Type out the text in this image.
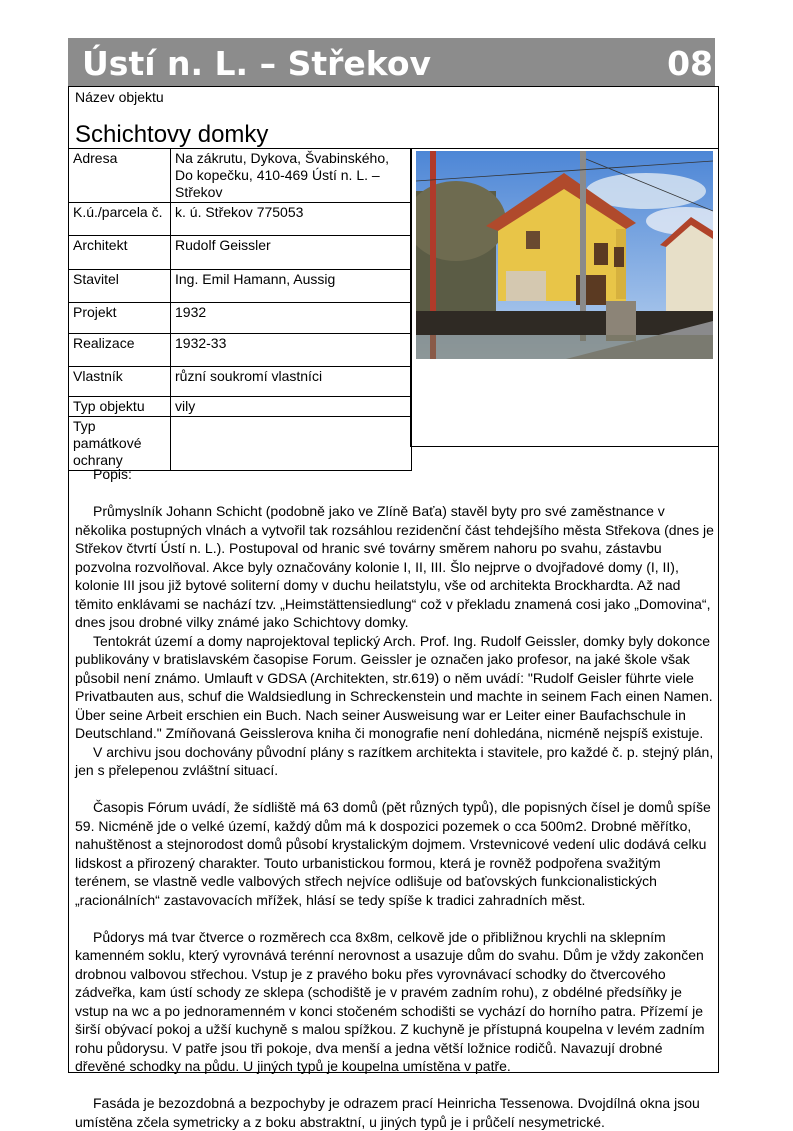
Ústí n. L. – Střekov	08
Název objektu
Schichtovy domky
Adresa	Na zákrutu, Dykova, Švabinského, Do kopečku, 410-469 Ústí n. L. – Střekov
K.ú./parcela č.	k. ú. Střekov 775053
Architekt	Rudolf Geissler
Stavitel	Ing. Emil Hamann, Aussig
Projekt	1932
Realizace	1932-33
Vlastník	různí soukromí vlastníci
Typ objektu	vily
Typ památkové ochrany	

Popis:

Průmyslník Johann Schicht (podobně jako ve Zlíně Baťa) stavěl byty pro své zaměstnance v několika postupných vlnách a vytvořil tak rozsáhlou rezidenční část tehdejšího města Střekova (dnes je Střekov čtvrtí Ústí n. L.). Postupoval od hranic své továrny směrem nahoru po svahu, zástavbu pozvolna rozvolňoval. Akce byly označovány kolonie I, II, III. Šlo nejprve o dvojřadové domy (I, II), kolonie III jsou již bytové soliterní domy v duchu heilatstylu, vše od architekta Brockhardta. Až nad těmito enklávami se nachází tzv. „Heimstättensiedlung“ což v překladu znamená cosi jako „Domovina“, dnes jsou drobné vilky známé jako Schichtovy domky.

Tentokrát území a domy naprojektoval teplický Arch. Prof. Ing. Rudolf Geissler, domky byly dokonce publikovány v bratislavském časopise Forum. Geissler je označen jako profesor, na jaké škole však působil není známo. Umlauft v GDSA (Architekten, str.619) o něm uvádí: "Rudolf Geisler führte viele Privatbauten aus, schuf die Waldsiedlung in Schreckenstein und machte in seinem Fach einen Namen. Über seine Arbeit erschien ein Buch. Nach seiner Ausweisung war er Leiter einer Baufachschule in Deutschland." Zmíňovaná Geisslerova kniha či monografie není dohledána, nicméně nejspíš existuje.

V archivu jsou dochovány původní plány s razítkem architekta i stavitele, pro každé č. p. stejný plán, jen s přelepenou zvláštní situací.

Časopis Fórum uvádí, že sídliště má 63 domů (pět různých typů), dle popisných čísel je domů spíše 59. Nicméně jde o velké území, každý dům má k dospozici pozemek o cca 500m2. Drobné měřítko, nahuštěnost a stejnorodost domů působí krystalickým dojmem. Vrstevnicové vedení ulic dodává celku lidskost a přirozený charakter. Touto urbanistickou formou, která je rovněž podpořena svažitým terénem, se vlastně vedle valbových střech nejvíce odlišuje od baťovských funkcionalistických „racionálních“ zastavovacích mřížek, hlásí se tedy spíše k tradici zahradních měst.

Půdorys má tvar čtverce o rozměrech cca 8x8m, celkově jde o přibližnou krychli na sklepním kamenném soklu, který vyrovnává terénní nerovnost a usazuje dům do svahu. Dům je vždy zakončen drobnou valbovou střechou. Vstup je z pravého boku přes vyrovnávací schodky do čtvercového zádveřka, kam ústí schody ze sklepa (schodiště je v pravém zadním rohu), z obdélné předsíňky je vstup na wc a po jednoramenném v konci stočeném schodišti se vychází do horního patra. Přízemí je širší obývací pokoj a užší kuchyně s malou spížkou. Z kuchyně je přístupná koupelna v levém zadním rohu půdorysu. V patře jsou tři pokoje, dva menší a jedna větší ložnice rodičů. Navazují drobné dřevěné schodky na půdu. U jiných typů je koupelna umístěna v patře.

Fasáda je bezozdobná a bezpochyby je odrazem prací Heinricha Tessenowa. Dvojdílná okna jsou umístěna zčela symetricky a z boku abstraktní, u jiných typů je i průčelí nesymetrické.
